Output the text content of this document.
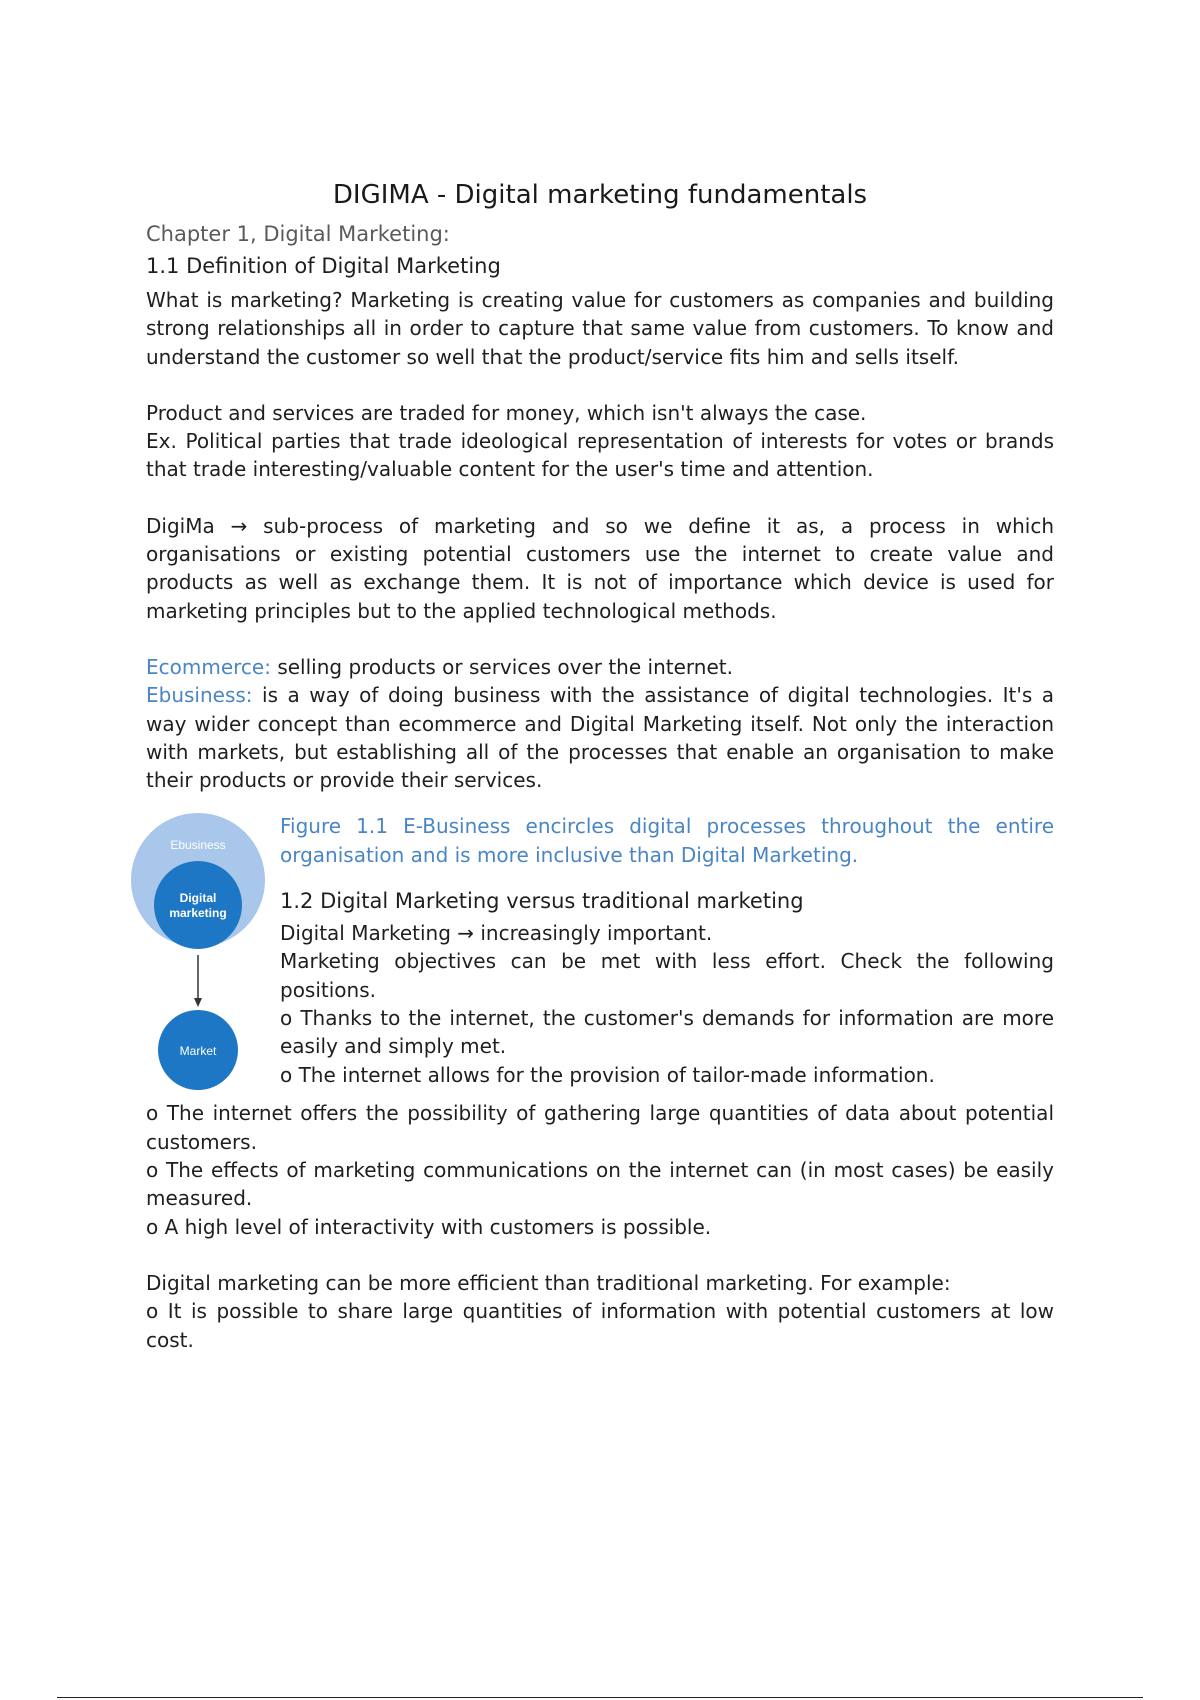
DIGIMA - Digital marketing fundamentals
Chapter 1, Digital Marketing:
1.1 Definition of Digital Marketing

What is marketing? Marketing is creating value for customers as companies and building strong relationships all in order to capture that same value from customers. To know and understand the customer so well that the product/service fits him and sells itself.

Product and services are traded for money, which isn't always the case.

Ex. Political parties that trade ideological representation of interests for votes or brands that trade interesting/valuable content for the user's time and attention.

DigiMa → sub-process of marketing and so we define it as, a process in which organisations or existing potential customers use the internet to create value and products as well as exchange them. It is not of importance which device is used for marketing principles but to the applied technological methods.

Ecommerce: selling products or services over the internet.

Ebusiness: is a way of doing business with the assistance of digital technologies. It's a way wider concept than ecommerce and Digital Marketing itself. Not only the interaction with markets, but establishing all of the processes that enable an organisation to make their products or provide their services.

Ebusiness
Digital
marketing
Market
Figure 1.1 E-Business encircles digital processes throughout the entire organisation and is more inclusive than Digital Marketing.
1.2 Digital Marketing versus traditional marketing

Digital Marketing → increasingly important.

Marketing objectives can be met with less effort. Check the following positions.

o Thanks to the internet, the customer's demands for information are more easily and simply met.

o The internet allows for the provision of tailor-made information.

o The internet offers the possibility of gathering large quantities of data about potential customers.

o The effects of marketing communications on the internet can (in most cases) be easily measured.

o A high level of interactivity with customers is possible.

Digital marketing can be more efficient than traditional marketing. For example:

o It is possible to share large quantities of information with potential customers at low cost.
